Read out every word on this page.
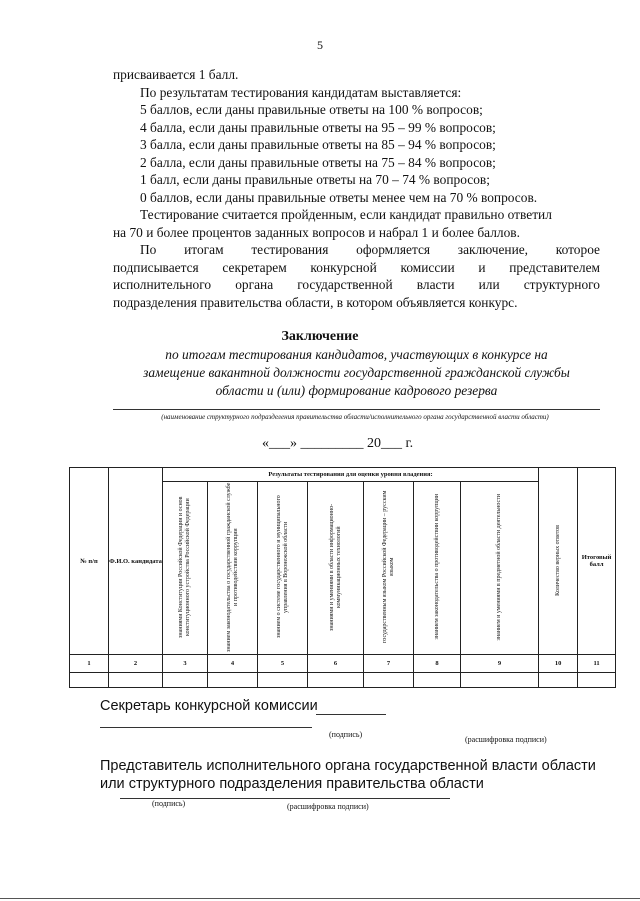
5
присваивается 1 балл.
По результатам тестирования кандидатам выставляется:
5 баллов, если даны правильные ответы на 100 % вопросов;
4 балла, если даны правильные ответы на 95 – 99 % вопросов;
3 балла, если даны правильные ответы на 85 – 94 % вопросов;
2 балла, если даны правильные ответы на 75 – 84 % вопросов;
1 балл, если даны правильные ответы на 70 – 74 % вопросов;
0 баллов, если даны правильные ответы менее чем на 70 % вопросов.
Тестирование считается пройденным, если кандидат правильно ответил
на 70 и более процентов заданных вопросов и набрал 1 и более баллов.
По итогам тестирования оформляется заключение, которое
подписывается секретарем конкурсной комиссии и представителем
исполнительного органа государственной власти или структурного
подразделения правительства области, в котором объявляется конкурс.
Заключение
по итогам тестирования кандидатов, участвующих в конкурсе на
замещение вакантной должности государственной гражданской службы
области и (или) формирование кадрового резерва
(наименование структурного подразделения правительства области/исполнительного органа государственной власти области)
«___» _________ 20___ г.
№ п/п	Ф.И.О. кандидата	Результаты тестирования для оценки уровня владения:							Количество верных ответов	Итоговый балл
		знаниями Конституции Российской Федерации и основ конституционного устройства Российской Федерации	знанием законодательства о государственной гражданской службе и противодействии коррупции	знанием о системе государственного и муниципального управления в Воронежской области	знаниями и умениями в области информационно-коммуникационных технологий	государственным языком Российской Федерации – русским языком	знанием законодательства о противодействии коррупции	знанием и умениями в предметной области деятельности		
1	2	3	4	5	6	7	8	9	10	11

Секретарь конкурсной комиссии
(подпись)
(расшифровка подписи)
Представитель исполнительного органа государственной власти области
или структурного подразделения правительства области
(подпись)	(расшифровка подписи)
